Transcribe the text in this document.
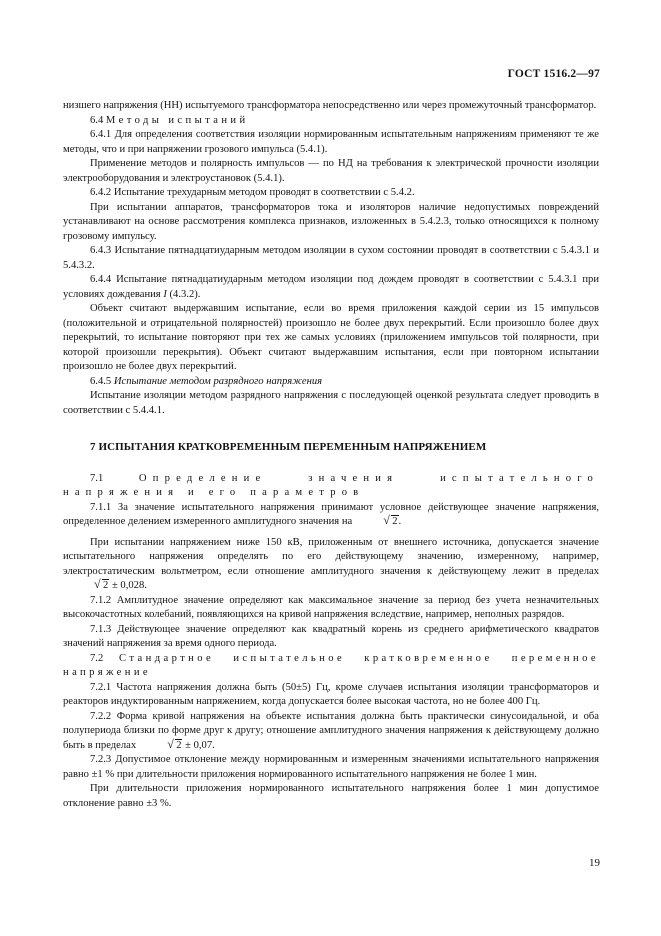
ГОСТ 1516.2—97

низшего напряжения (НН) испытуемого трансформатора непосредственно или через промежуточный трансформатор.

6.4 Методы испытаний

6.4.1 Для определения соответствия изоляции нормированным испытательным напряжениям применяют те же методы, что и при напряжении грозового импульса (5.4.1).

Применение методов и полярность импульсов — по НД на требования к электрической прочности изоляции электрооборудования и электроустановок (5.4.1).

6.4.2 Испытание трехударным методом проводят в соответствии с 5.4.2.

При испытании аппаратов, трансформаторов тока и изоляторов наличие недопустимых повреждений устанавливают на основе рассмотрения комплекса признаков, изложенных в 5.4.2.3, только относящихся к полному грозовому импульсу.

6.4.3 Испытание пятнадцатиударным методом изоляции в сухом состоянии проводят в соответствии с 5.4.3.1 и 5.4.3.2.

6.4.4 Испытание пятнадцатиударным методом изоляции под дождем проводят в соответствии с 5.4.3.1 при условиях дождевания I (4.3.2).

Объект считают выдержавшим испытание, если во время приложения каждой серии из 15 импульсов (положительной и отрицательной полярностей) произошло не более двух перекрытий. Если произошло более двух перекрытий, то испытание повторяют при тех же самых условиях (приложением импульсов той полярности, при которой произошли перекрытия). Объект считают выдержавшим испытания, если при повторном испытании произошло не более двух перекрытий.

6.4.5 Испытание методом разрядного напряжения

Испытание изоляции методом разрядного напряжения с последующей оценкой результата следует проводить в соответствии с 5.4.4.1.

7 ИСПЫТАНИЯ КРАТКОВРЕМЕННЫМ ПЕРЕМЕННЫМ НАПРЯЖЕНИЕМ

7.1	Определение значения испытательного напряжения и его параметров

7.1.1 За значение испытательного напряжения принимают условное действующее значение напряжения, определенное делением измеренного амплитудного значения на	√ 2.

При испытании напряжением ниже 150 кВ, приложенным от внешнего источника, допускается значение испытательного напряжения определять по его действующему значению, измеренному, например, электростатическим вольтметром, если отношение амплитудного значения к действующему лежит в пределах
√ 2 ± 0,028.

7.1.2 Амплитудное значение определяют как максимальное значение за период без учета незначительных высокочастотных колебаний, появляющихся на кривой напряжения вследствие, например, неполных разрядов.

7.1.3 Действующее значение определяют как квадратный корень из среднего арифметического квадратов значений напряжения за время одного периода.

7.2 Стандартное испытательное кратковременное переменное напряжение

7.2.1 Частота напряжения должна быть (50±5) Гц, кроме случаев испытания изоляции трансформаторов и реакторов индуктированным напряжением, когда допускается более высокая частота, но не более 400 Гц.

7.2.2 Форма кривой напряжения на объекте испытания должна быть практически синусоидальной, и оба полупериода близки по форме друг к другу; отношение амплитудного значения напряжения к действующему должно быть в пределах	√ 2 ± 0,07.

7.2.3 Допустимое отклонение между нормированным и измеренным значениями испытательного напряжения равно ±1 % при длительности приложения нормированного испытательного напряжения не более 1 мин.

При длительности приложения нормированного испытательного напряжения более 1 мин допустимое отклонение равно ±3 %.

19
